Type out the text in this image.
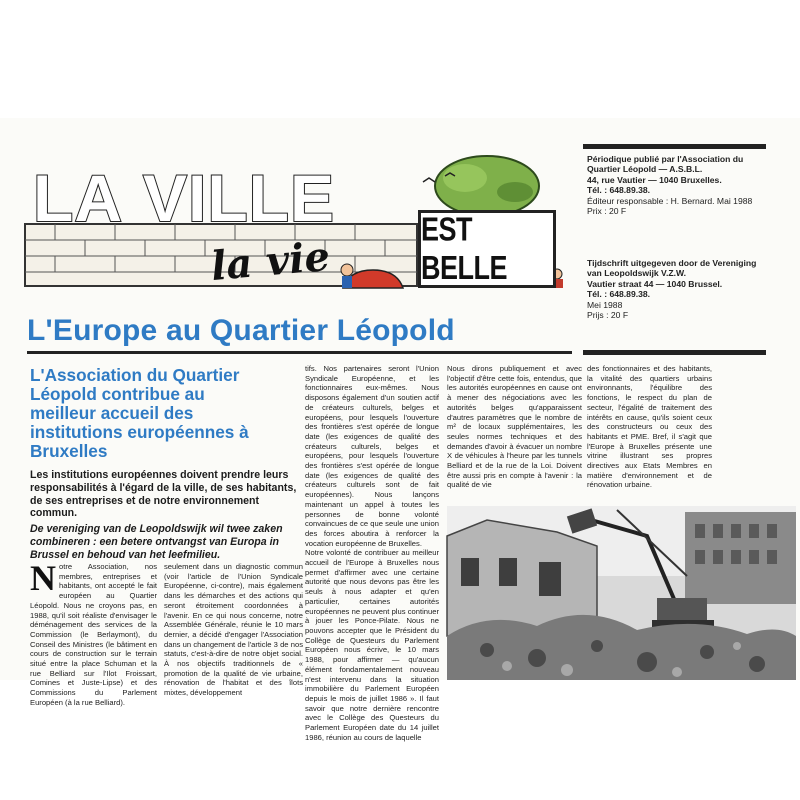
LA VILLE
la vie
EST BELLE
Périodique publié par l'Association du Quartier Léopold — A.S.B.L.
44, rue Vautier — 1040 Bruxelles.
Tél. : 648.89.38.
Éditeur responsable : H. Bernard. Mai 1988
Prix : 20 F
Tijdschrift uitgegeven door de Vereniging van Leopoldswijk V.Z.W.
Vautier straat 44 — 1040 Brussel.
Tél. : 648.89.38.
Mei 1988
Prijs : 20 F
L'Europe au Quartier Léopold
L'Association du Quartier Léopold contribue au meilleur accueil des institutions européennes à Bruxelles
Les institutions européennes doivent prendre leurs responsabilités à l'égard de la ville, de ses habitants, de ses entreprises et de notre environnement commun.
De vereniging van de Leopoldswijk wil twee zaken combineren : een betere ontvangst van Europa in Brussel en behoud van het leefmilieu.
Notre Association, nos membres, entreprises et habitants, ont accepté le fait européen au Quartier Léopold. Nous ne croyons pas, en 1988, qu'il soit réaliste d'envisager le déménagement des services de la Commission (le Berlaymont), du Conseil des Ministres (le bâtiment en cours de construction sur le terrain situé entre la place Schuman et la rue Belliard sur l'Ilot Froissart, Comines et Juste-Lipse) et des Commissions du Parlement Européen (à la rue Belliard).
seulement dans un diagnostic commun (voir l'article de l'Union Syndicale Européenne, ci-contre), mais également dans les démarches et des actions qui seront étroitement coordonnées à l'avenir. En ce qui nous concerne, notre Assemblée Générale, réunie le 10 mars dernier, a décidé d'engager l'Association dans un changement de l'article 3 de nos statuts, c'est-à-dire de notre objet social. À nos objectifs traditionnels de « promotion de la qualité de vie urbaine, rénovation de l'habitat et des îlots mixtes, développement
tifs. Nos partenaires seront l'Union Syndicale Européenne, et les fonctionnaires eux-mêmes. Nous disposons également d'un soutien actif de créateurs culturels, belges et européens, pour lesquels l'ouverture des frontières s'est opérée de longue date (les exigences de qualité des créateurs culturels, belges et européens, pour lesquels l'ouverture des frontières s'est opérée de longue date (les exigences de qualité des créateurs culturels sont de fait européennes). Nous lançons maintenant un appel à toutes les personnes de bonne volonté convaincues de ce que seule une union des forces aboutira à renforcer la vocation européenne de Bruxelles.
Notre volonté de contribuer au meilleur accueil de l'Europe à Bruxelles nous permet d'affirmer avec une certaine autorité que nous devons pas être les seuls à nous adapter et qu'en particulier, certaines autorités européennes ne peuvent plus continuer à jouer les Ponce-Pilate. Nous ne pouvons accepter que le Président du Collège de Questeurs du Parlement Européen nous écrive, le 10 mars 1988, pour affirmer — qu'aucun élément fondamentalement nouveau n'est intervenu dans la situation immobilière du Parlement Européen depuis le mois de juillet 1986 ». Il faut savoir que notre dernière rencontre avec le Collège des Questeurs du Parlement Européen date du 14 juillet 1986, réunion au cours de laquelle
Nous dirons publiquement et avec l'objectif d'être cette fois, entendus, que les autorités européennes en cause ont à mener des négociations avec les autorités belges qu'apparaissent d'autres paramètres que le nombre de m² de locaux supplémentaires, les seules normes techniques et des demandes d'avoir à évacuer un nombre X de véhicules à l'heure par les tunnels Belliard et de la rue de la Loi. Doivent être aussi pris en compte à l'avenir : la qualité de vie
des fonctionnaires et des habitants, la vitalité des quartiers urbains environnants, l'équilibre des fonctions, le respect du plan de secteur, l'égalité de traitement des intérêts en cause, qu'ils soient ceux des constructeurs ou ceux des habitants et PME. Bref, il s'agit que l'Europe à Bruxelles présente une vitrine illustrant ses propres directives aux Etats Membres en matière d'environnement et de rénovation urbaine.
